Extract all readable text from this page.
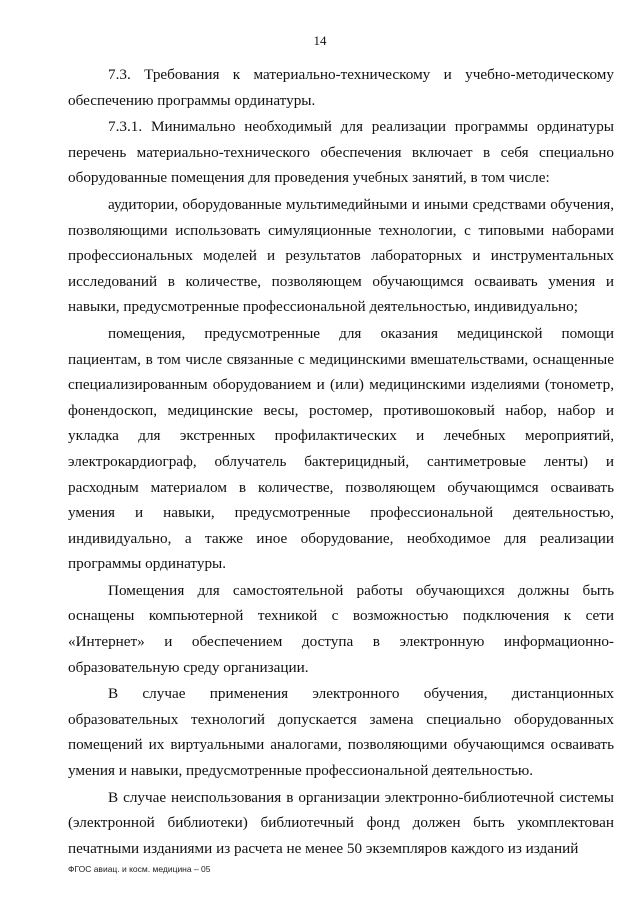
14

7.3. Требования к материально-техническому и учебно-методическому обеспечению программы ординатуры.

7.3.1. Минимально необходимый для реализации программы ординатуры перечень материально-технического обеспечения включает в себя специально оборудованные помещения для проведения учебных занятий, в том числе:

аудитории, оборудованные мультимедийными и иными средствами обучения, позволяющими использовать симуляционные технологии, с типовыми наборами профессиональных моделей и результатов лабораторных и инструментальных исследований в количестве, позволяющем обучающимся осваивать умения и навыки, предусмотренные профессиональной деятельностью, индивидуально;

помещения, предусмотренные для оказания медицинской помощи пациентам, в том числе связанные с медицинскими вмешательствами, оснащенные специализированным оборудованием и (или) медицинскими изделиями (тонометр, фонендоскоп, медицинские весы, ростомер, противошоковый набор, набор и укладка для экстренных профилактических и лечебных мероприятий, электрокардиограф, облучатель бактерицидный, сантиметровые ленты) и расходным материалом в количестве, позволяющем обучающимся осваивать умения и навыки, предусмотренные профессиональной деятельностью, индивидуально, а также иное оборудование, необходимое для реализации программы ординатуры.

Помещения для самостоятельной работы обучающихся должны быть оснащены компьютерной техникой с возможностью подключения к сети «Интернет» и обеспечением доступа в электронную информационно-образовательную среду организации.

В случае применения электронного обучения, дистанционных образовательных технологий допускается замена специально оборудованных помещений их виртуальными аналогами, позволяющими обучающимся осваивать умения и навыки, предусмотренные профессиональной деятельностью.

В случае неиспользования в организации электронно-библиотечной системы (электронной библиотеки) библиотечный фонд должен быть укомплектован печатными изданиями из расчета не менее 50 экземпляров каждого из изданий

ФГОС авиац. и косм. медицина – 05
